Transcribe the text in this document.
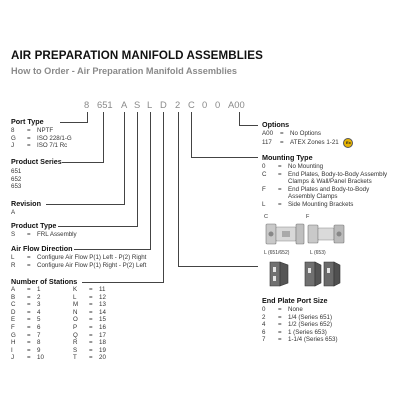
AIR PREPARATION MANIFOLD ASSEMBLIES
How to Order - Air Preparation Manifold Assemblies
8 651 A S L D 2 C 0 0 A00
Port Type
8 = NPTF
G = ISO 228/1-G
J = ISO 7/1 Rc
Product Series
651
652
653
Revision
A
Product Type
S = FRL Assembly
Air Flow Direction
L = Configure Air Flow P(1) Left - P(2) Right
R = Configure Air Flow P(1) Right - P(2) Left
Number of Stations
A = 1
B = 2
C = 3
D = 4
E = 5
F = 6
G = 7
H = 8
I = 9
J = 10
K = 11
L = 12
M = 13
N = 14
O = 15
P = 16
Q = 17
R = 18
S = 19
T = 20
Options
A00 = No Options
117 = ATEX Zones 1-21 Ex
Mounting Type
0 = No Mounting
C = End Plates, Body-to-Body Assembly
Clamps & Wall/Panel Brackets
F = End Plates and Body-to-Body
Assembly Clamps
L = Side Mounting Brackets
C	F
L (651/652)	L (653)
End Plate Port Size
0 = None
2 = 1/4 (Series 651)
4 = 1/2 (Series 652)
6 = 1 (Series 653)
7 = 1-1/4 (Series 653)
